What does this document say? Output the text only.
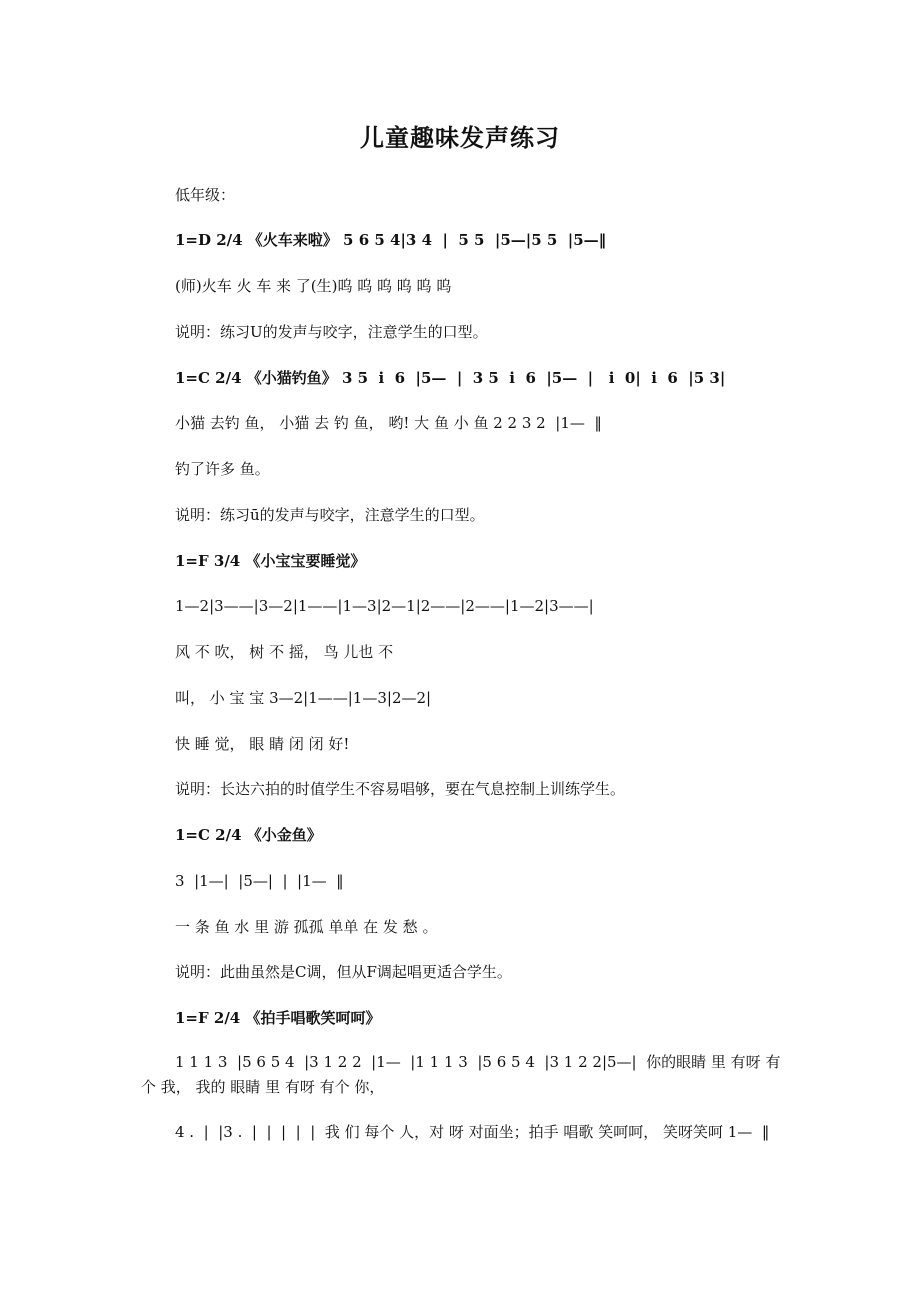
儿童趣味发声练习
低年级：
1=D 2/4 《火车来啦》 5 6 5 4|3 4  |  5 5  |5—|5 5  |5—‖
(师)火车 火 车 来 了(生)呜 呜 呜 呜 呜 呜
说明：练习U的发声与咬字，注意学生的口型。
1=C 2/4 《小猫钓鱼》 3 5  i  6  |5—  |  3 5  i  6  |5—  |   i  0|  i  6  |5 3|
小猫 去钓 鱼， 小猫 去 钓 鱼， 哟! 大 鱼 小 鱼 2 2 3 2  |1—  ‖
钓了许多 鱼。
说明：练习ū的发声与咬字，注意学生的口型。
1=F 3/4 《小宝宝要睡觉》
1—2|3——|3—2|1——|1—3|2—1|2——|2——|1—2|3——|
风 不 吹， 树 不 摇， 鸟 儿也 不
叫， 小 宝 宝 3—2|1——|1—3|2—2|
快 睡 觉， 眼 睛 闭 闭 好!
说明：长达六拍的时值学生不容易唱够，要在气息控制上训练学生。
1=C 2/4 《小金鱼》
3  |1—|  |5—|  |  |1—  ‖
一 条 鱼 水 里 游 孤孤 单单 在 发 愁 。
说明：此曲虽然是C调，但从F调起唱更适合学生。
1=F 2/4 《拍手唱歌笑呵呵》
1 1 1 3  |5 6 5 4  |3 1 2 2  |1—  |1 1 1 3  |5 6 5 4  |3 1 2 2|5—|  你的眼睛 里 有呀 有个 我， 我的 眼睛 里 有呀 有个 你，
4 .  |  |3 .  |  |  |  |  |  我 们 每个 人，对 呀 对面坐；拍手 唱歌 笑呵呵， 笑呀笑呵 1—  ‖
